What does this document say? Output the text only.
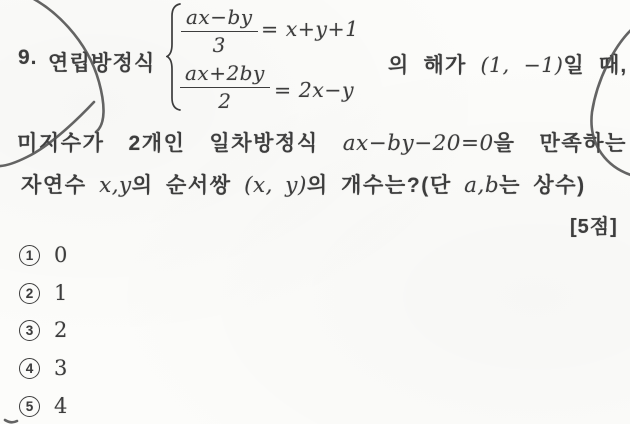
9. 연립방정식
$\frac{ax-by}{3} = x+y+1$
$\frac{ax+2by}{2} = 2x-y$
의 해가 (1, −1)일 때,
미지수가 2개인 일차방정식 ax−by−20=0을 만족하는
자연수 x,y의 순서쌍 (x, y)의 개수는?(단 a,b는 상수)
[5점]
1 0
2 1
3 2
4 3
5 4
